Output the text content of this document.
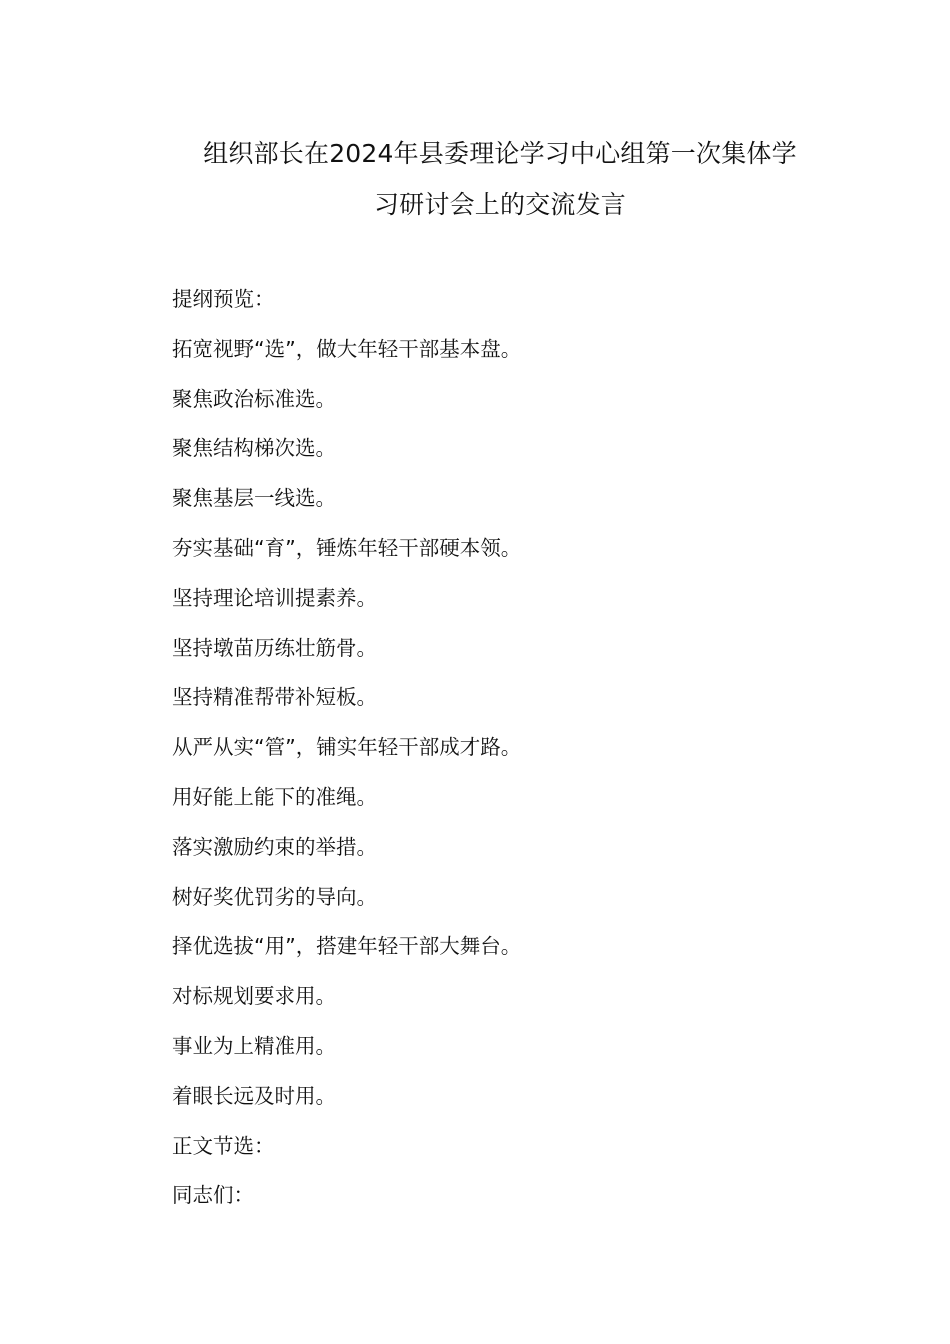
组织部长在2024年县委理论学习中心组第一次集体学
习研讨会上的交流发言
提纲预览：
拓宽视野“选”，做大年轻干部基本盘。
聚焦政治标准选。
聚焦结构梯次选。
聚焦基层一线选。
夯实基础“育”，锤炼年轻干部硬本领。
坚持理论培训提素养。
坚持墩苗历练壮筋骨。
坚持精准帮带补短板。
从严从实“管”，铺实年轻干部成才路。
用好能上能下的准绳。
落实激励约束的举措。
树好奖优罚劣的导向。
择优选拔“用”，搭建年轻干部大舞台。
对标规划要求用。
事业为上精准用。
着眼长远及时用。
正文节选：
同志们：
